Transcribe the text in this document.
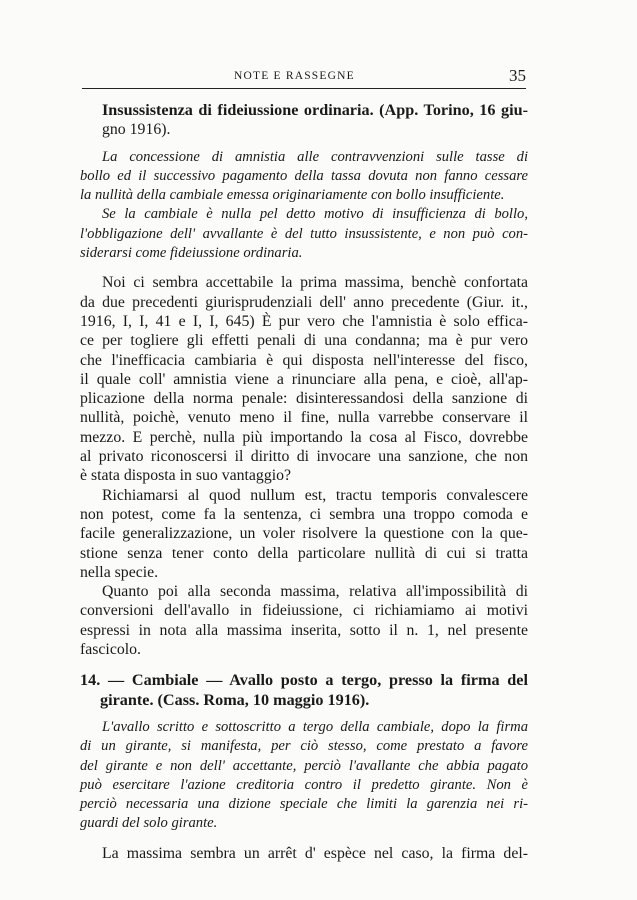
NOTE E RASSEGNE	35
Insussistenza di fideiussione ordinaria. (App. Torino, 16 giu-
gno 1916).
La concessione di amnistia alle contravvenzioni sulle tasse di
bollo ed il successivo pagamento della tassa dovuta non fanno cessare
la nullità della cambiale emessa originariamente con bollo insufficiente.
Se la cambiale è nulla pel detto motivo di insufficienza di bollo,
l'obbligazione dell' avvallante è del tutto insussistente, e non può con-
siderarsi come fideiussione ordinaria.
Noi ci sembra accettabile la prima massima, benchè confortata
da due precedenti giurisprudenziali dell' anno precedente (Giur. it.,
1916, I, I, 41 e I, I, 645) È pur vero che l'amnistia è solo effica-
ce per togliere gli effetti penali di una condanna; ma è pur vero
che l'inefficacia cambiaria è qui disposta nell'interesse del fisco,
il quale coll' amnistia viene a rinunciare alla pena, e cioè, all'ap-
plicazione della norma penale: disinteressandosi della sanzione di
nullità, poichè, venuto meno il fine, nulla varrebbe conservare il
mezzo. E perchè, nulla più importando la cosa al Fisco, dovrebbe
al privato riconoscersi il diritto di invocare una sanzione, che non
è stata disposta in suo vantaggio?
Richiamarsi al quod nullum est, tractu temporis convalescere
non potest, come fa la sentenza, ci sembra una troppo comoda e
facile generalizzazione, un voler risolvere la questione con la que-
stione senza tener conto della particolare nullità di cui si tratta
nella specie.
Quanto poi alla seconda massima, relativa all'impossibilità di
conversioni dell'avallo in fideiussione, ci richiamiamo ai motivi
espressi in nota alla massima inserita, sotto il n. 1, nel presente
fascicolo.
14. — Cambiale — Avallo posto a tergo, presso la firma del
girante. (Cass. Roma, 10 maggio 1916).
L'avallo scritto e sottoscritto a tergo della cambiale, dopo la firma
di un girante, si manifesta, per ciò stesso, come prestato a favore
del girante e non dell' accettante, perciò l'avallante che abbia pagato
può esercitare l'azione creditoria contro il predetto girante. Non è
perciò necessaria una dizione speciale che limiti la garenzia nei ri-
guardi del solo girante.
La massima sembra un arrêt d' espèce nel caso, la firma del-
